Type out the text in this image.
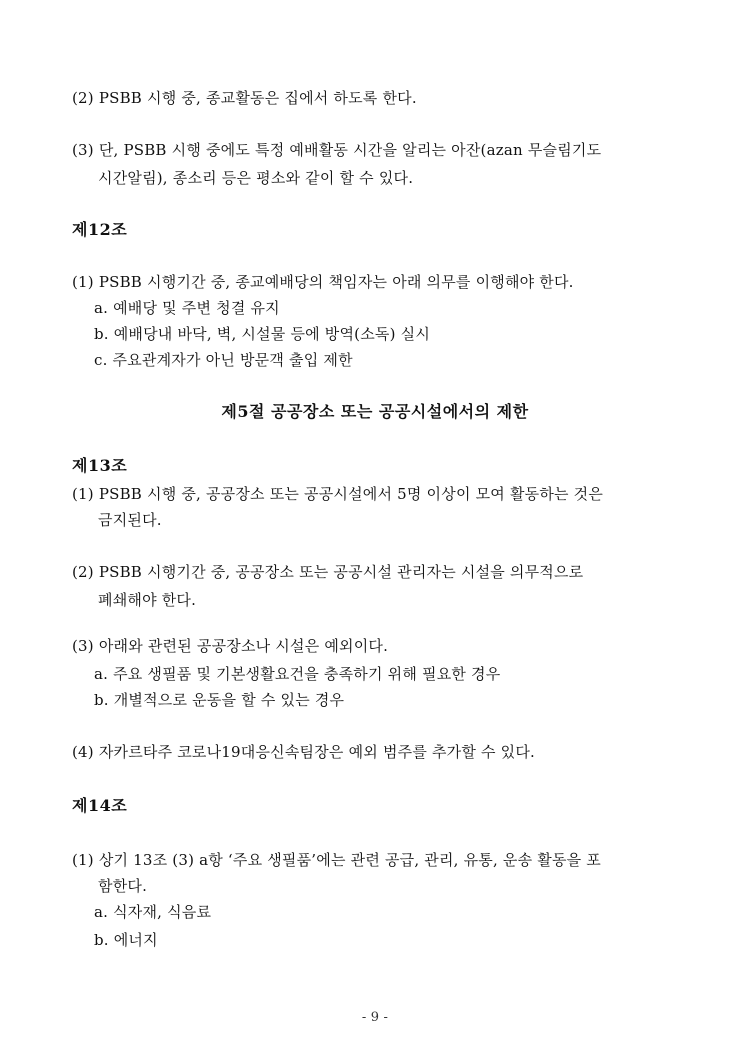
(2) PSBB 시행 중, 종교활동은 집에서 하도록 한다.
(3) 단, PSBB 시행 중에도 특정 예배활동 시간을 알리는 아잔(azan 무슬림기도
시간알림), 종소리 등은 평소와 같이 할 수 있다.
제12조
(1) PSBB 시행기간 중, 종교예배당의 책임자는 아래 의무를 이행해야 한다.
a. 예배당 및 주변 청결 유지
b. 예배당내 바닥, 벽, 시설물 등에 방역(소독) 실시
c. 주요관계자가 아닌 방문객 출입 제한
제5절 공공장소 또는 공공시설에서의 제한
제13조
(1) PSBB 시행 중, 공공장소 또는 공공시설에서 5명 이상이 모여 활동하는 것은
금지된다.
(2) PSBB 시행기간 중, 공공장소 또는 공공시설 관리자는 시설을 의무적으로
폐쇄해야 한다.
(3) 아래와 관련된 공공장소나 시설은 예외이다.
a. 주요 생필품 및 기본생활요건을 충족하기 위해 필요한 경우
b. 개별적으로 운동을 할 수 있는 경우
(4) 자카르타주 코로나19대응신속팀장은 예외 범주를 추가할 수 있다.
제14조
(1) 상기 13조 (3) a항 ‘주요 생필품’에는 관련 공급, 관리, 유통, 운송 활동을 포
함한다.
a. 식자재, 식음료
b. 에너지
- 9 -
